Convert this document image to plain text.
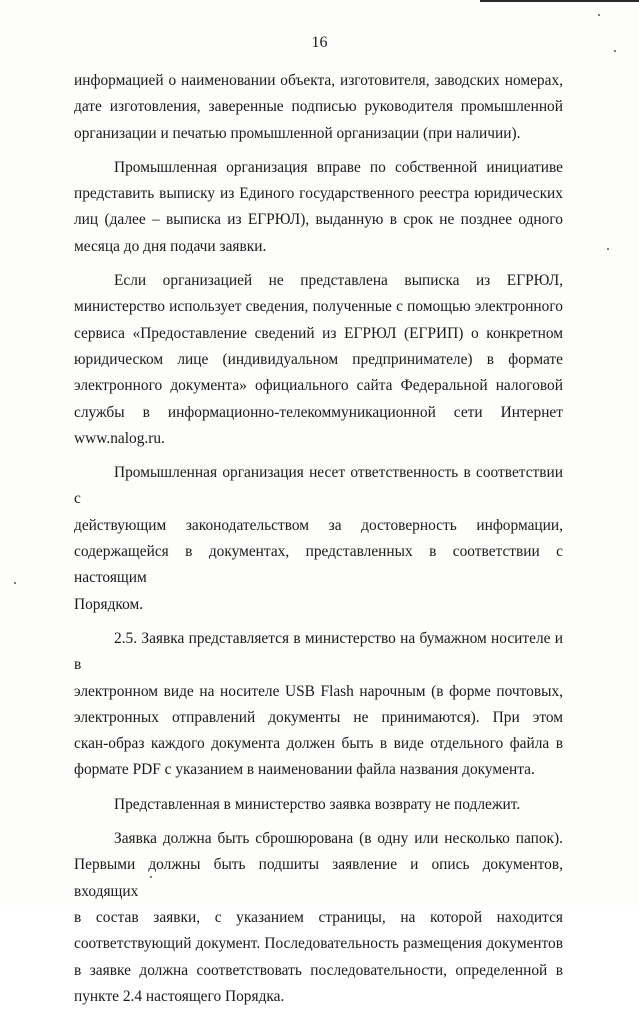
16

информацией о наименовании объекта, изготовителя, заводских номерах,

дате изготовления, заверенные подписью руководителя промышленной

организации и печатью промышленной организации (при наличии).

Промышленная организация вправе по собственной инициативе

представить выписку из Единого государственного реестра юридических

лиц (далее – выписка из ЕГРЮЛ), выданную в срок не позднее одного

месяца до дня подачи заявки.

Если организацией не представлена выписка из ЕГРЮЛ,

министерство использует сведения, полученные с помощью электронного

сервиса «Предоставление сведений из ЕГРЮЛ (ЕГРИП) о конкретном

юридическом лице (индивидуальном предпринимателе) в формате

электронного документа» официального сайта Федеральной налоговой

службы в информационно-телекоммуникационной сети Интернет

www.nalog.ru.

Промышленная организация несет ответственность в соответствии с

действующим законодательством за достоверность информации,

содержащейся в документах, представленных в соответствии с настоящим

Порядком.

2.5. Заявка представляется в министерство на бумажном носителе и в

электронном виде на носителе USB Flash нарочным (в форме почтовых,

электронных отправлений документы не принимаются). При этом

скан-образ каждого документа должен быть в виде отдельного файла в

формате PDF с указанием в наименовании файла названия документа.

Представленная в министерство заявка возврату не подлежит.

Заявка должна быть сброшюрована (в одну или несколько папок).

Первыми должны быть подшиты заявление и опись документов, входящих

в состав заявки, с указанием страницы, на которой находится

соответствующий документ. Последовательность размещения документов

в заявке должна соответствовать последовательности, определенной в

пункте 2.4 настоящего Порядка.
